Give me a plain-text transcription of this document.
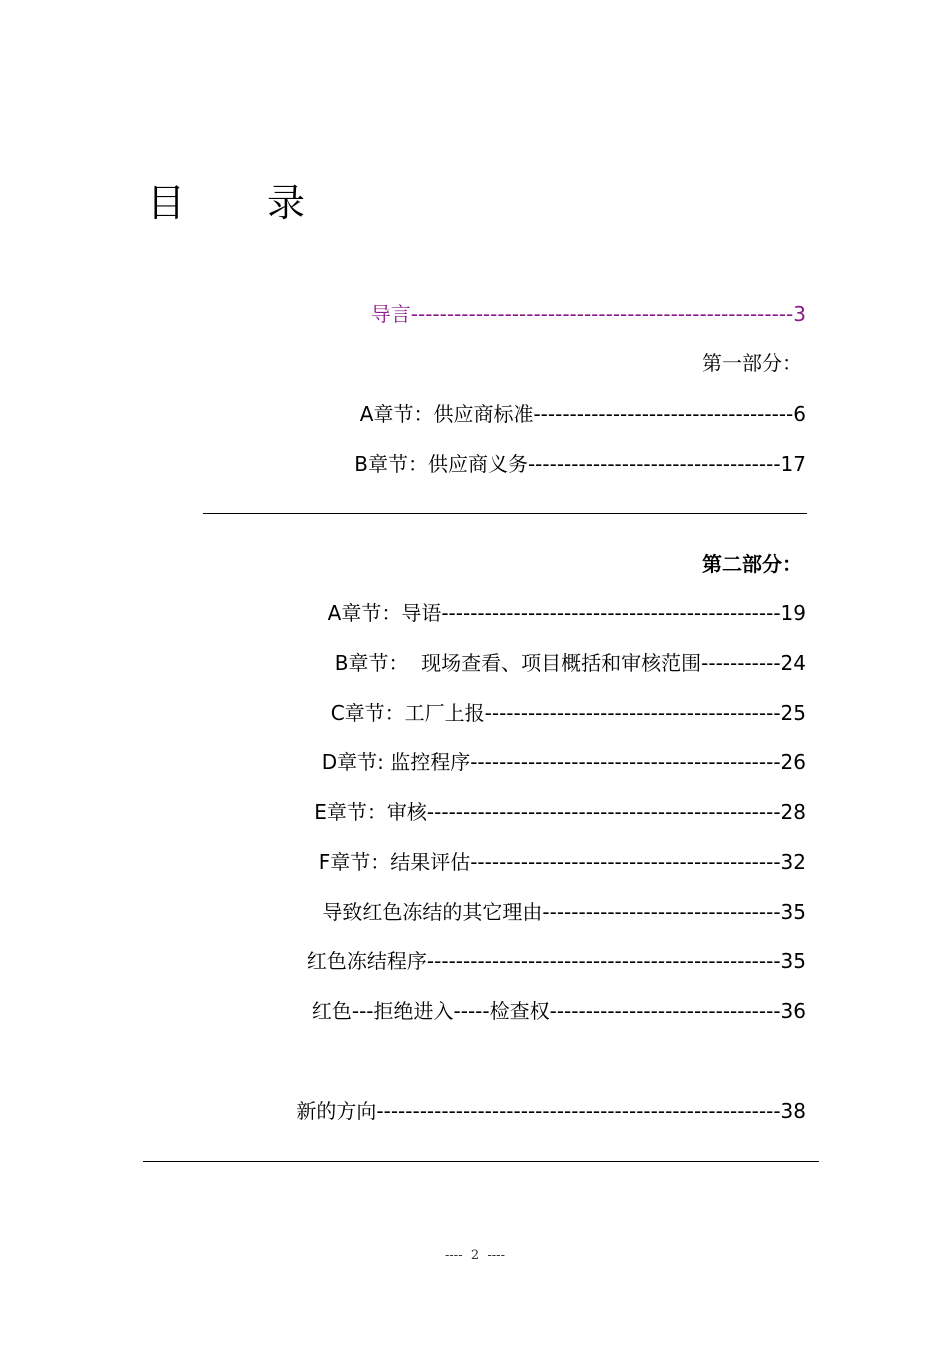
目 录
导言-----------------------------------------------------3
第一部分：
A章节：供应商标准------------------------------------6
B章节：供应商义务-----------------------------------17
第二部分：
A章节：导语-----------------------------------------------19
B章节：  现场查看、项目概括和审核范围-----------24
C章节：工厂上报-----------------------------------------25
D章节: 监控程序-------------------------------------------26
E章节：审核-------------------------------------------------28
F章节：结果评估-------------------------------------------32
导致红色冻结的其它理由---------------------------------35
红色冻结程序-------------------------------------------------35
红色---拒绝进入-----检查权--------------------------------36
新的方向--------------------------------------------------------38
----  2  ----
